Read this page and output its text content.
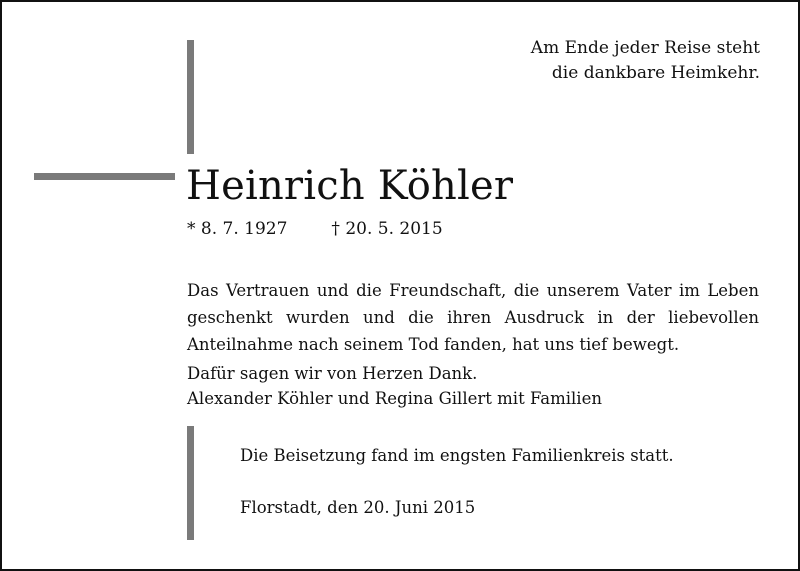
Am Ende jeder Reise steht
die dankbare Heimkehr.
Heinrich Köhler
* 8. 7. 1927	† 20. 5. 2015
Das Vertrauen und die Freundschaft, die unserem Vater im Leben geschenkt wurden und die ihren Ausdruck in der liebevollen Anteilnahme nach seinem Tod fanden, hat uns tief bewegt.
Dafür sagen wir von Herzen Dank.
Alexander Köhler und Regina Gillert mit Familien
Die Beisetzung fand im engsten Familienkreis statt.
Florstadt, den 20. Juni 2015
